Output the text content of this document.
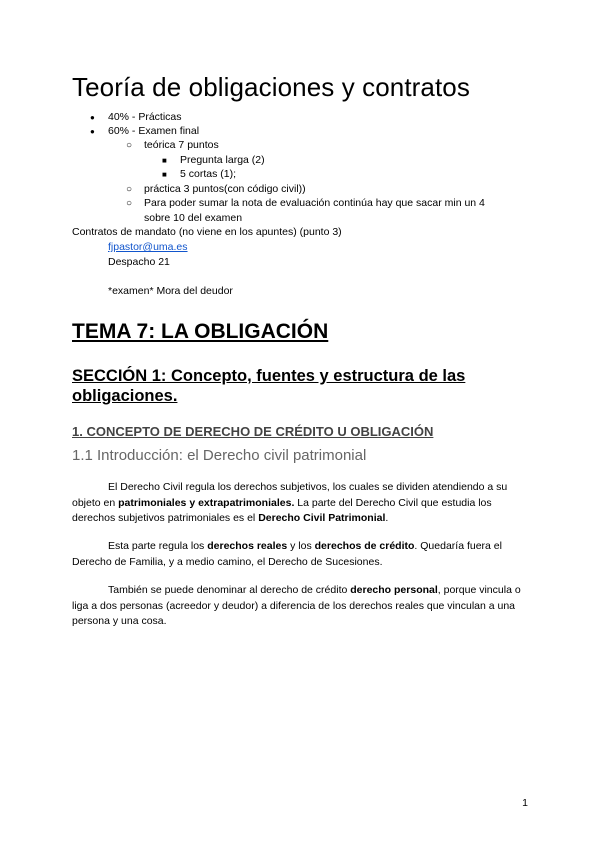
Teoría de obligaciones y contratos
● 40% - Prácticas
● 60% - Examen final
○ teórica 7 puntos
■ Pregunta larga (2)
■ 5 cortas (1);
○ práctica 3 puntos(con código civil))
○ Para poder sumar la nota de evaluación continúa hay que sacar min un 4
sobre 10 del examen
Contratos de mandato (no viene en los apuntes) (punto 3)
fjpastor@uma.es
Despacho 21
*examen* Mora del deudor
TEMA 7: LA OBLIGACIÓN
SECCIÓN 1: Concepto, fuentes y estructura de las obligaciones.
1. CONCEPTO DE DERECHO DE CRÉDITO U OBLIGACIÓN
1.1 Introducción: el Derecho civil patrimonial

El Derecho Civil regula los derechos subjetivos, los cuales se dividen atendiendo a su objeto en patrimoniales y extrapatrimoniales. La parte del Derecho Civil que estudia los derechos subjetivos patrimoniales es el Derecho Civil Patrimonial.

Esta parte regula los derechos reales y los derechos de crédito. Quedaría fuera el Derecho de Familia, y a medio camino, el Derecho de Sucesiones.

También se puede denominar al derecho de crédito derecho personal, porque vincula o liga a dos personas (acreedor y deudor) a diferencia de los derechos reales que vinculan a una persona y una cosa.

1
